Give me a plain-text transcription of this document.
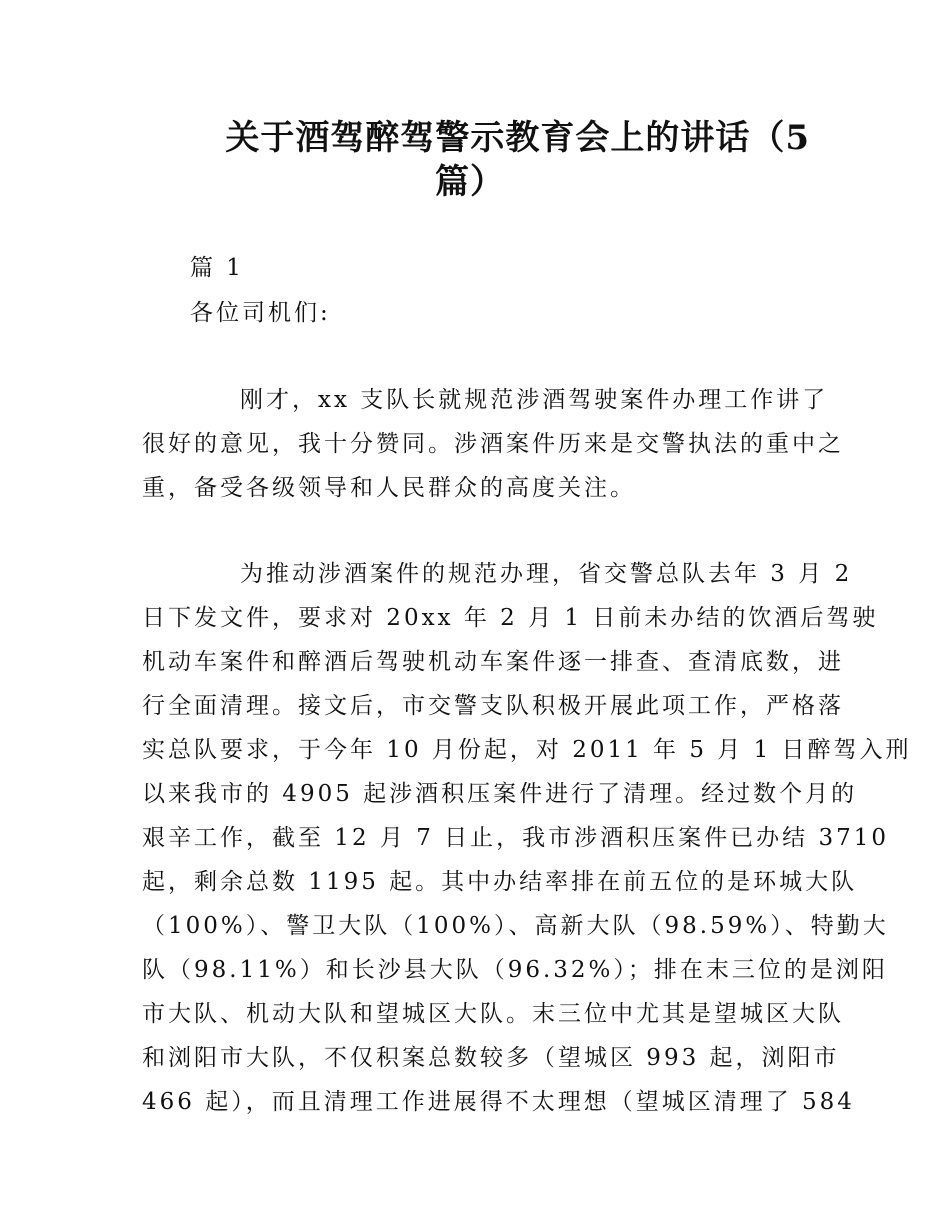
关于酒驾醉驾警示教育会上的讲话（5
篇）
篇 1
各位司机们:
刚才，xx 支队长就规范涉酒驾驶案件办理工作讲了
很好的意见，我十分赞同。涉酒案件历来是交警执法的重中之
重，备受各级领导和人民群众的高度关注。
为推动涉酒案件的规范办理，省交警总队去年 3 月 2
日下发文件，要求对 20xx 年 2 月 1 日前未办结的饮酒后驾驶
机动车案件和醉酒后驾驶机动车案件逐一排查、查清底数，进
行全面清理。接文后，市交警支队积极开展此项工作，严格落
实总队要求，于今年 10 月份起，对 2011 年 5 月 1 日醉驾入刑
以来我市的 4905 起涉酒积压案件进行了清理。经过数个月的
艰辛工作，截至 12 月 7 日止，我市涉酒积压案件已办结 3710
起，剩余总数 1195 起。其中办结率排在前五位的是环城大队
（100%）、警卫大队（100%）、高新大队（98.59%）、特勤大
队（98.11%）和长沙县大队（96.32%）；排在末三位的是浏阳
市大队、机动大队和望城区大队。末三位中尤其是望城区大队
和浏阳市大队，不仅积案总数较多（望城区 993 起，浏阳市
466 起），而且清理工作进展得不太理想（望城区清理了 584
